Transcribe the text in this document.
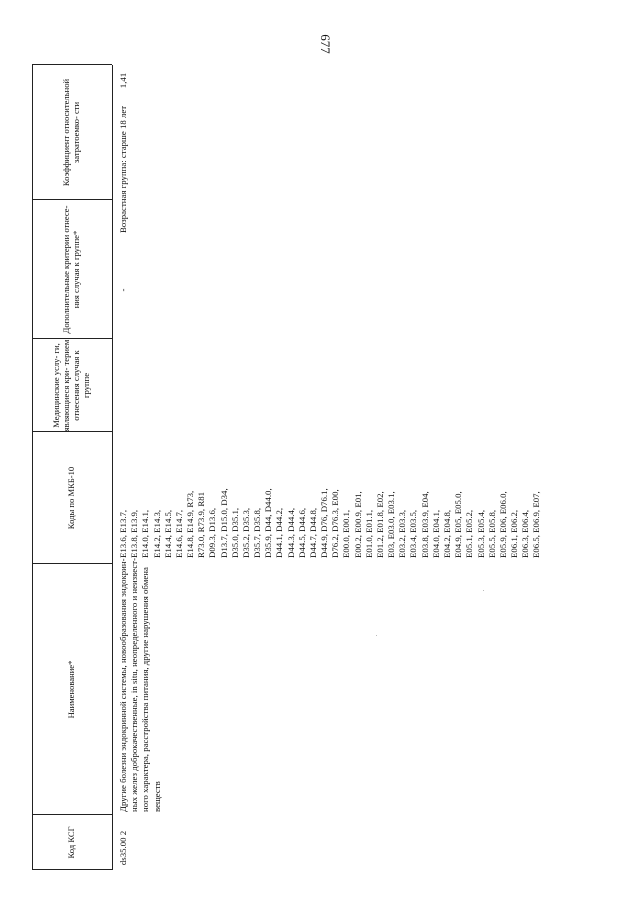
677
Код КСГ
Наименование*
Коды по МКБ-10
Медицинские услу- ги, являющиеся кри- терием отнесения случая к группе
Дополнительные критерии отнесе- ния случая к группе*
Коэффициент относительной затратоемко- сти
ds35.00 2
Другие болезни эндокринной системы, новообразования эндокрин- ных желез доброкачественные, in situ, неопределенного и неизвест- ного характера, расстройства питания, другие нарушения обмена веществ
E13.6, E13.7, E13.8, E13.9, E14.0, E14.1, E14.2, E14.3, E14.4, E14.5, E14.6, E14.7, E14.8, E14.9, R73, R73.0, R73.9, R81 D09.3, D13.6, D13.7, D15.0, D34, D35.0, D35.1, D35.2, D35.3, D35.7, D35.8, D35.9, D44, D44.0, D44.1, D44.2, D44.3, D44.4, D44.5, D44.6, D44.7, D44.8, D44.9, D76, D76.1, D76.2, D76.3, E00, E00.0, E00.1, E00.2, E00.9, E01, E01.0, E01.1, E01.2, E01.8, E02, E03, E03.0, E03.1, E03.2, E03.3, E03.4, E03.5, E03.8, E03.9, E04, E04.0, E04.1, E04.2, E04.8, E04.9, E05, E05.0, E05.1, E05.2, E05.3, E05.4, E05.5, E05.8, E05.9, E06, E06.0, E06.1, E06.2, E06.3, E06.4, E06.5, E06.9, E07,
-
Возрастная группа: старше 18 лет
1,41
